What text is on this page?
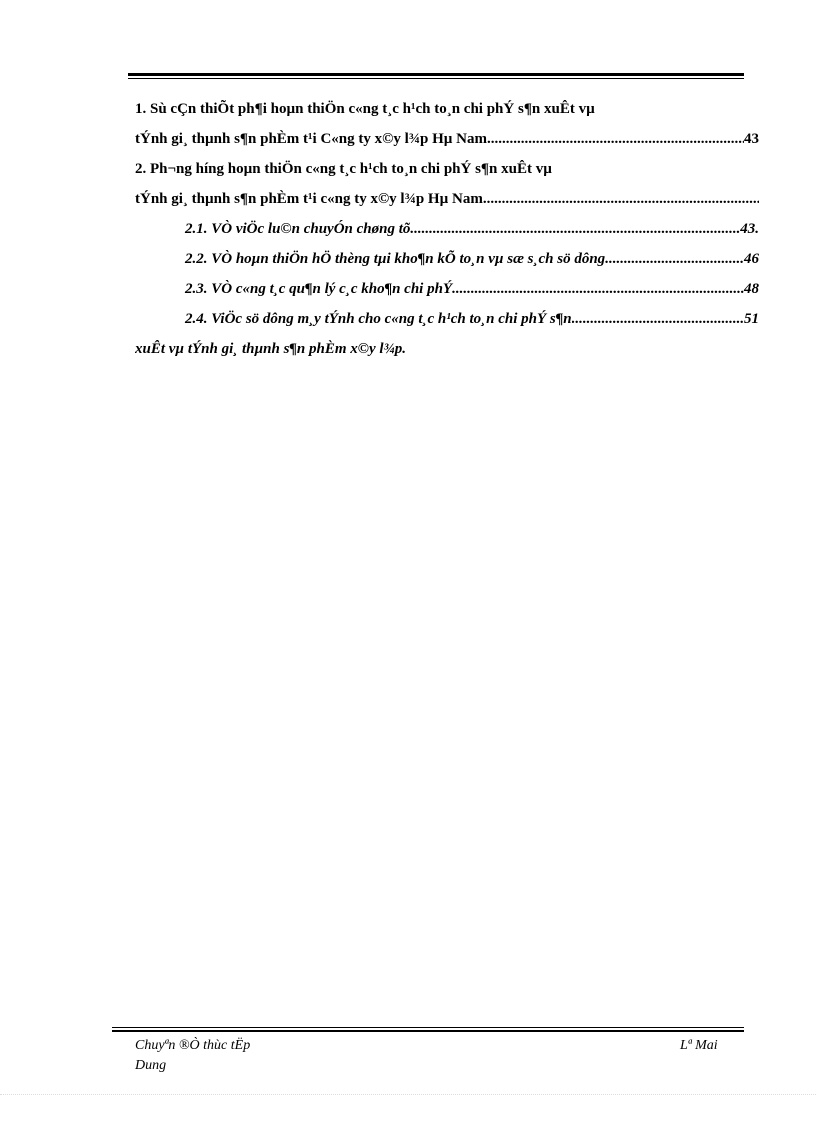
1. Sù cÇn thiÕt ph¶i hoµn thiÖn c«ng t¸c h¹ch to¸n chi phÝ s¶n xuÊt vµ
tÝnh gi¸ thµnh s¶n phÈm t¹i C«ng ty x©y l¾p Hµ Nam .....	43
2. Ph¬ng híng hoµn thiÖn c«ng t¸c h¹ch to¸n chi phÝ s¶n xuÊt vµ
tÝnh gi¸ thµnh s¶n phÈm t¹i c«ng ty x©y l¾p Hµ Nam.
.....
2.1. VÒ viÖc lu©n chuyÓn chøng tõ .....	43.
2.2. VÒ hoµn thiÖn hÖ thèng tµi kho¶n kÕ to¸n vµ sæ s¸ch sö dông .....	46
2.3. VÒ c«ng t¸c qu¶n lý c¸c kho¶n chi phÝ .....	48
2.4. ViÖc sö dông m¸y tÝnh cho c«ng t¸c h¹ch to¸n chi phÝ s¶n .....	51
xuÊt vµ tÝnh gi¸ thµnh s¶n phÈm x©y l¾p.
Chuyªn ®Ò thùc tËp
Dung
Lª Mai
